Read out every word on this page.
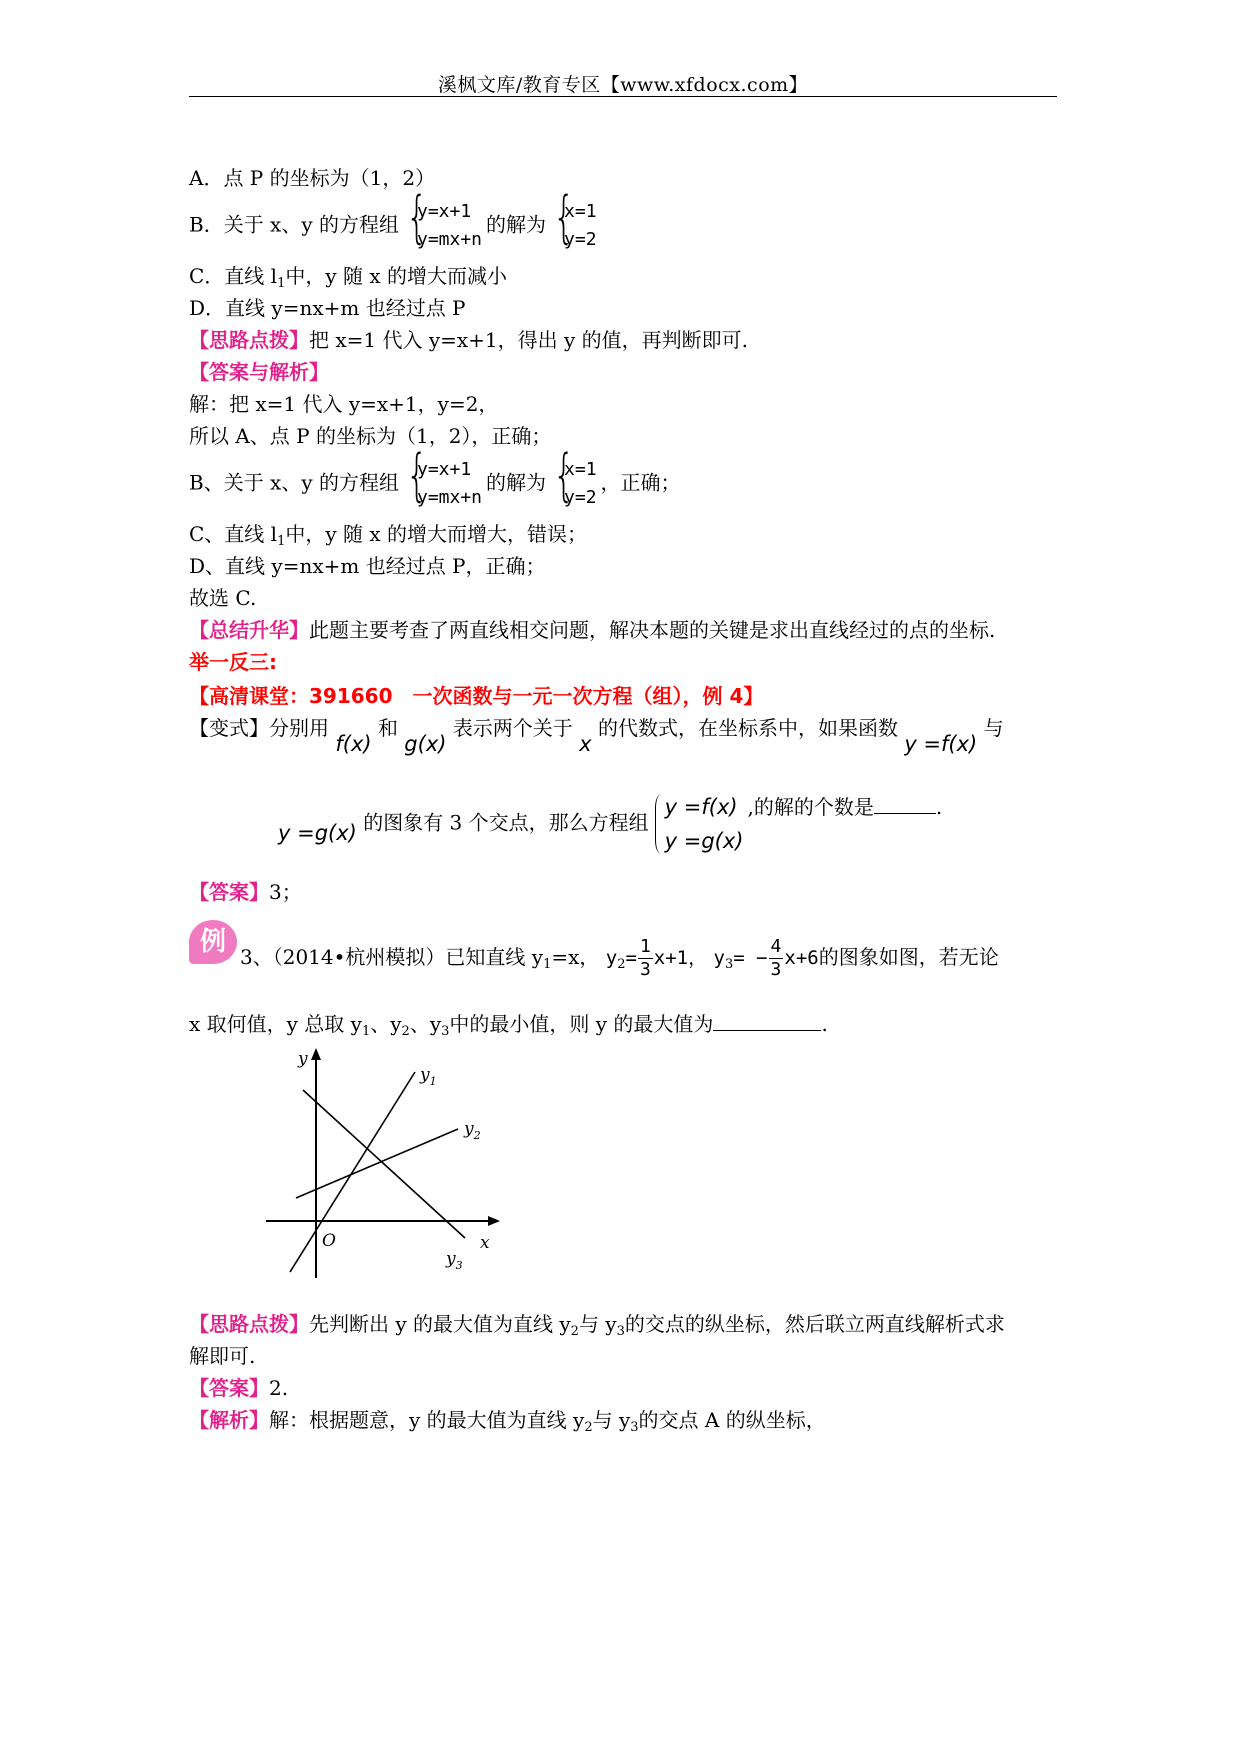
溪枫文库/教育专区【www.xfdocx.com】
A．点 P 的坐标为（1，2）
B．关于 x、y 的方程组
{ y=x+1
y=mx+n
的解为
{ x=1
y=2
C．直线 $l_1$中，y 随 x 的增大而减小
D．直线 y=nx+m 也经过点 P
【思路点拨】把 x=1 代入 y=x+1，得出 y 的值，再判断即可.
【答案与解析】
解：把 x=1 代入 y=x+1，y=2，
所以 A、点 P 的坐标为（1，2），正确；
B、关于 x、y 的方程组
{ y=x+1
y=mx+n
的解为
{ x=1
y=2
，正确；
C、直线 $l_1$中，y 随 x 的增大而增大，错误；
D、直线 y=nx+m 也经过点 P，正确；
故选 C.
【总结升华】此题主要考查了两直线相交问题，解决本题的关键是求出直线经过的点的坐标.
举一反三:
【高清课堂：391660　一次函数与一元一次方程（组），例 4】
【变式】分别用 f(x) 和 g(x) 表示两个关于 x 的代数式，在坐标系中，如果函数 y =f(x) 与
y =g(x) 的图象有 3 个交点，那么方程组
y =f(x)
y =g(x)
,的解的个数是	.
【答案】3；
例 3、（2014•杭州模拟）已知直线 $y_1=x$， $y_2= \frac{1}{3} x+1$， $y_3= - \frac{4}{3} x+6$的图象如图，若无论
x 取何值，y 总取 $y_1$、$y_2$、$y_3$中的最小值，则 y 的最大值为	.
y
x
O
$y_1$
$y_2$
$y_3$
【思路点拨】先判断出 y 的最大值为直线 $y_2$与 $y_3$的交点的纵坐标，然后联立两直线解析式求
解即可.
【答案】2.
【解析】解：根据题意，y 的最大值为直线 $y_2$与 $y_3$的交点 A 的纵坐标，
